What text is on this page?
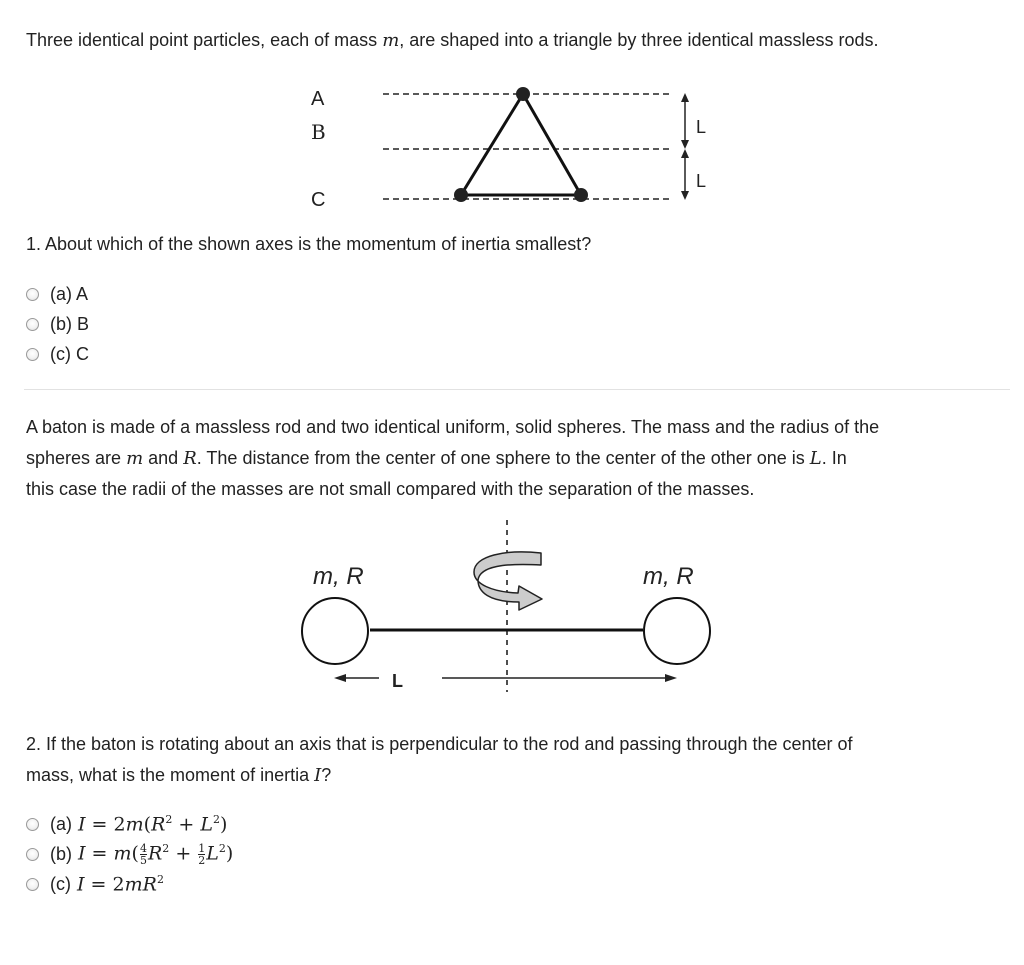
Three identical point particles, each of mass m, are shaped into a triangle by three identical massless rods.
A
B
C
L
L
1. About which of the shown axes is the momentum of inertia smallest?
(a) A
(b) B
(c) C
A baton is made of a massless rod and two identical uniform, solid spheres. The mass and the radius of the
spheres are m and R. The distance from the center of one sphere to the center of the other one is L. In
this case the radii of the masses are not small compared with the separation of the masses.
m, R	m, R
L
2. If the baton is rotating about an axis that is perpendicular to the rod and passing through the center of
mass, what is the moment of inertia I?
(a) $I = 2m(R^2 + L^2)$
(b) $I = m( \frac{4}{5} R^2 + \frac{1}{2} L^2)$
(c) $I = 2mR^2$
